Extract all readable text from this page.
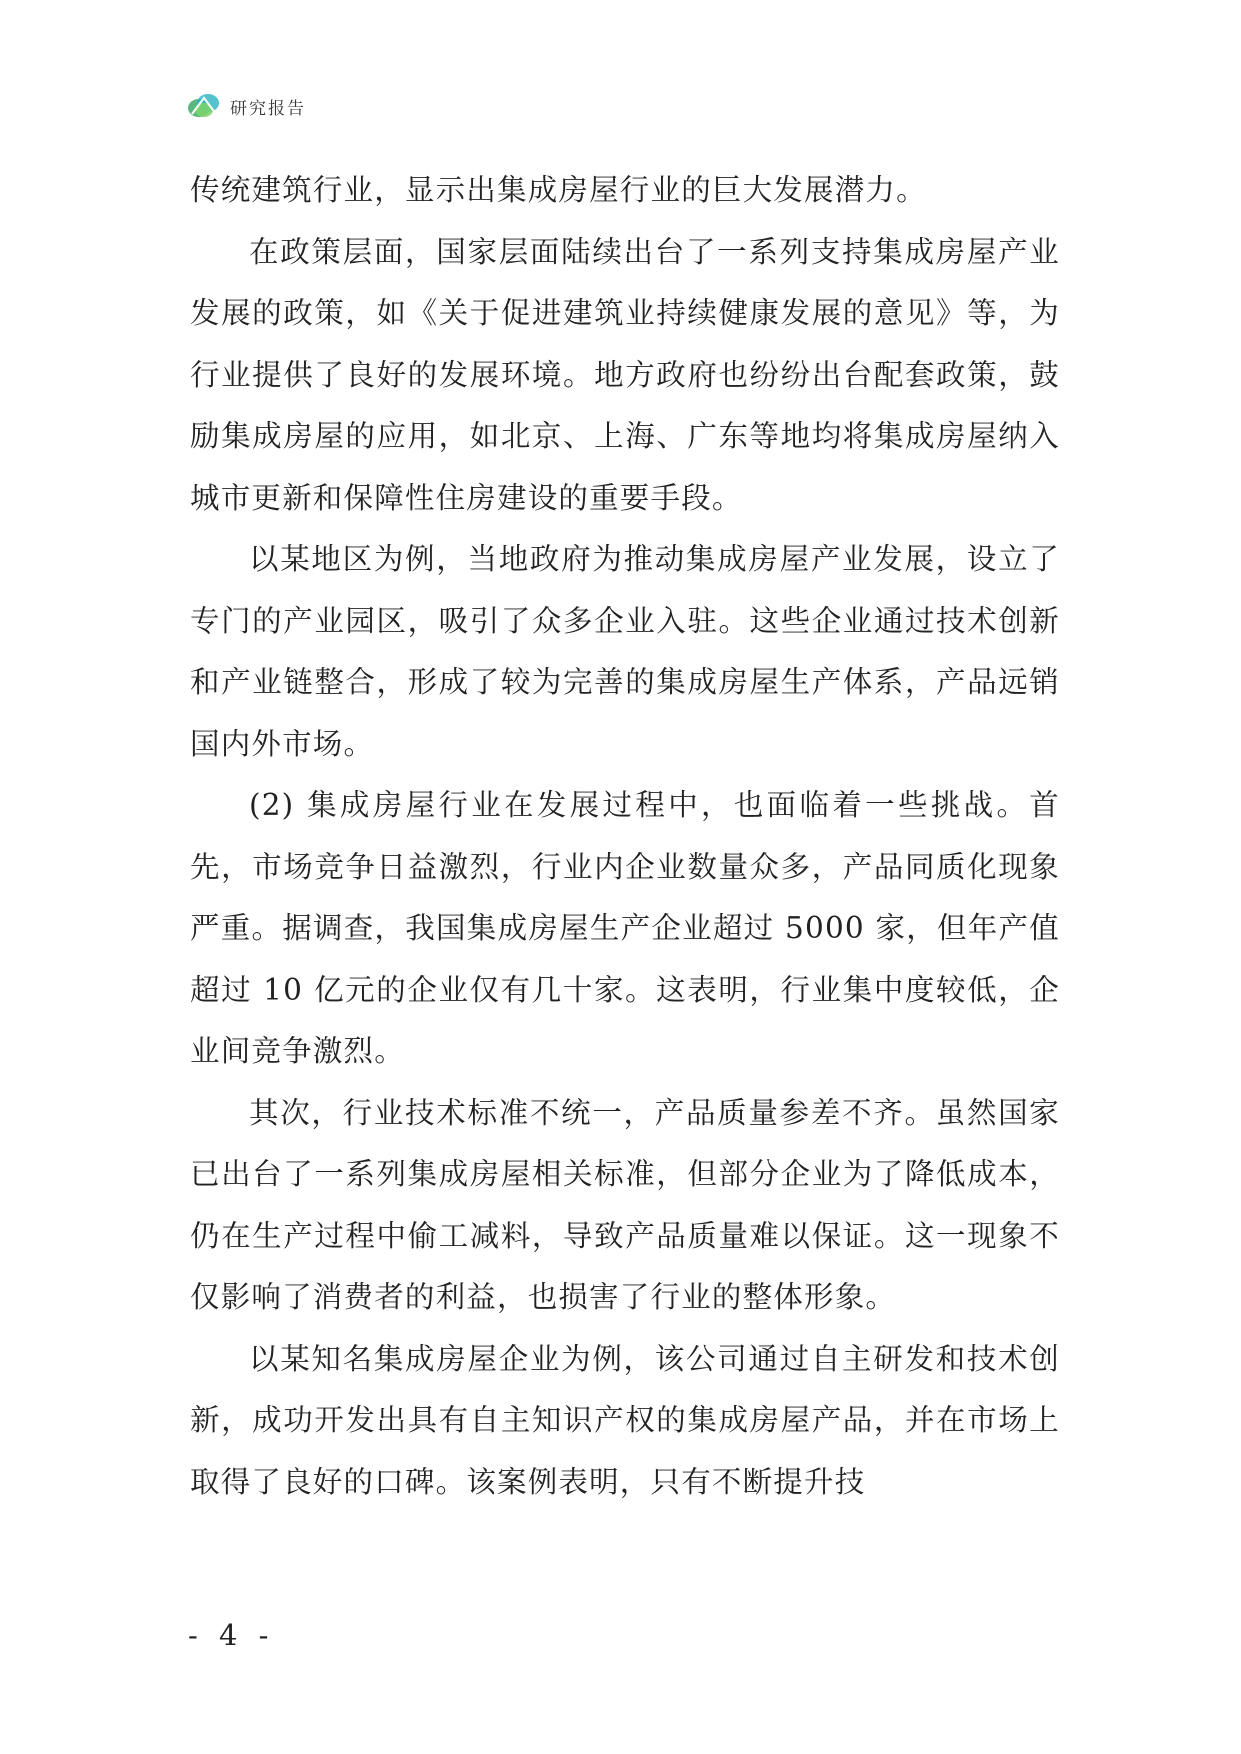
研究报告

传统建筑行业，显示出集成房屋行业的巨大发展潜力。

在政策层面，国家层面陆续出台了一系列支持集成房屋产业发展的政策，如《关于促进建筑业持续健康发展的意见》等，为行业提供了良好的发展环境。地方政府也纷纷出台配套政策，鼓励集成房屋的应用，如北京、上海、广东等地均将集成房屋纳入城市更新和保障性住房建设的重要手段。

以某地区为例，当地政府为推动集成房屋产业发展，设立了专门的产业园区，吸引了众多企业入驻。这些企业通过技术创新和产业链整合，形成了较为完善的集成房屋生产体系，产品远销国内外市场。

(2) 集成房屋行业在发展过程中，也面临着一些挑战。首先，市场竞争日益激烈，行业内企业数量众多，产品同质化现象严重。据调查，我国集成房屋生产企业超过 5000 家，但年产值超过 10 亿元的企业仅有几十家。这表明，行业集中度较低，企业间竞争激烈。

其次，行业技术标准不统一，产品质量参差不齐。虽然国家已出台了一系列集成房屋相关标准，但部分企业为了降低成本，仍在生产过程中偷工减料，导致产品质量难以保证。这一现象不仅影响了消费者的利益，也损害了行业的整体形象。

以某知名集成房屋企业为例，该公司通过自主研发和技术创新，成功开发出具有自主知识产权的集成房屋产品，并在市场上取得了良好的口碑。该案例表明，只有不断提升技

- 4 -
